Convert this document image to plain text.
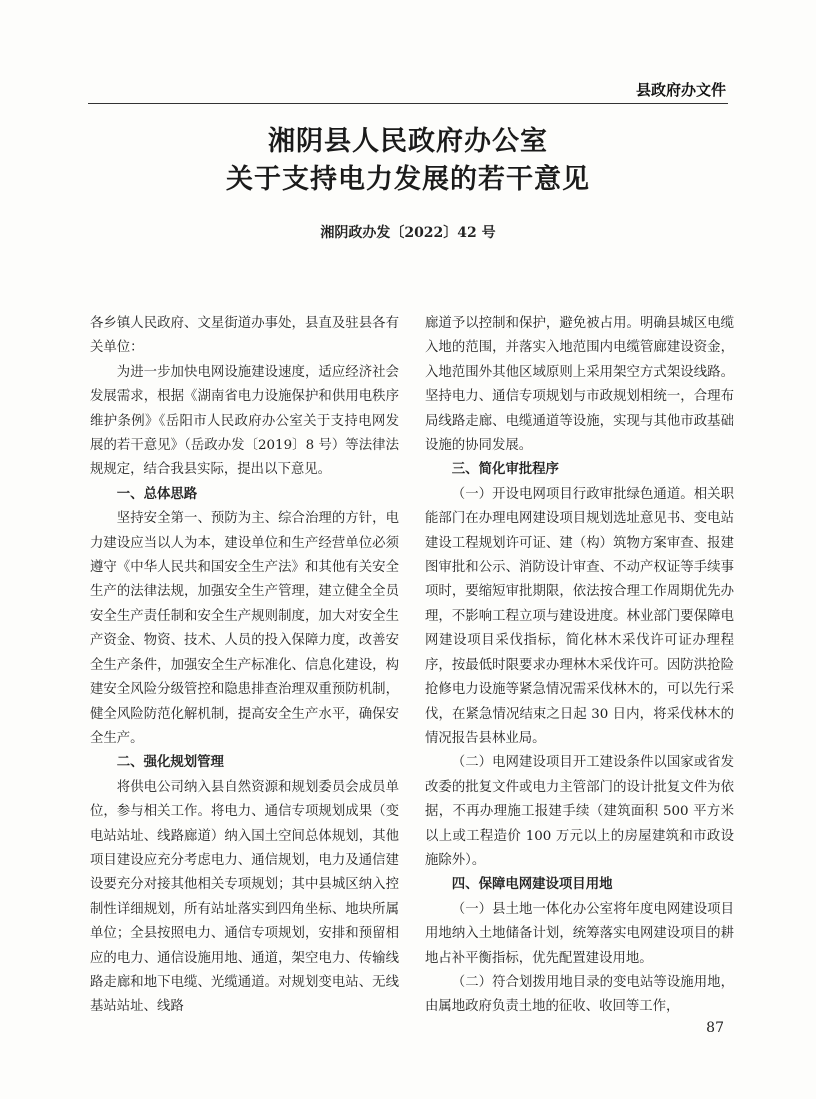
县政府办文件
湘阴县人民政府办公室
关于支持电力发展的若干意见
湘阴政办发〔2022〕42 号

各乡镇人民政府、文星街道办事处，县直及驻县各有关单位：

为进一步加快电网设施建设速度，适应经济社会发展需求，根据《湖南省电力设施保护和供用电秩序维护条例》《岳阳市人民政府办公室关于支持电网发展的若干意见》（岳政办发〔2019〕8 号）等法律法规规定，结合我县实际，提出以下意见。

一、总体思路

坚持安全第一、预防为主、综合治理的方针，电力建设应当以人为本，建设单位和生产经营单位必须遵守《中华人民共和国安全生产法》和其他有关安全生产的法律法规，加强安全生产管理，建立健全全员安全生产责任制和安全生产规则制度，加大对安全生产资金、物资、技术、人员的投入保障力度，改善安全生产条件，加强安全生产标准化、信息化建设，构建安全风险分级管控和隐患排查治理双重预防机制，健全风险防范化解机制，提高安全生产水平，确保安全生产。

二、强化规划管理

将供电公司纳入县自然资源和规划委员会成员单位，参与相关工作。将电力、通信专项规划成果（变电站站址、线路廊道）纳入国土空间总体规划，其他项目建设应充分考虑电力、通信规划，电力及通信建设要充分对接其他相关专项规划；其中县城区纳入控制性详细规划，所有站址落实到四角坐标、地块所属单位；全县按照电力、通信专项规划，安排和预留相应的电力、通信设施用地、通道，架空电力、传输线路走廊和地下电缆、光缆通道。对规划变电站、无线基站站址、线路

廊道予以控制和保护，避免被占用。明确县城区电缆入地的范围，并落实入地范围内电缆管廊建设资金，入地范围外其他区域原则上采用架空方式架设线路。坚持电力、通信专项规划与市政规划相统一，合理布局线路走廊、电缆通道等设施，实现与其他市政基础设施的协同发展。

三、简化审批程序

（一）开设电网项目行政审批绿色通道。相关职能部门在办理电网建设项目规划选址意见书、变电站建设工程规划许可证、建（构）筑物方案审查、报建图审批和公示、消防设计审查、不动产权证等手续事项时，要缩短审批期限，依法按合理工作周期优先办理，不影响工程立项与建设进度。林业部门要保障电网建设项目采伐指标，简化林木采伐许可证办理程序，按最低时限要求办理林木采伐许可。因防洪抢险抢修电力设施等紧急情况需采伐林木的，可以先行采伐，在紧急情况结束之日起 30 日内，将采伐林木的情况报告县林业局。

（二）电网建设项目开工建设条件以国家或省发改委的批复文件或电力主管部门的设计批复文件为依据，不再办理施工报建手续（建筑面积 500 平方米以上或工程造价 100 万元以上的房屋建筑和市政设施除外）。

四、保障电网建设项目用地

（一）县土地一体化办公室将年度电网建设项目用地纳入土地储备计划，统筹落实电网建设项目的耕地占补平衡指标，优先配置建设用地。

（二）符合划拨用地目录的变电站等设施用地，由属地政府负责土地的征收、收回等工作，

87
